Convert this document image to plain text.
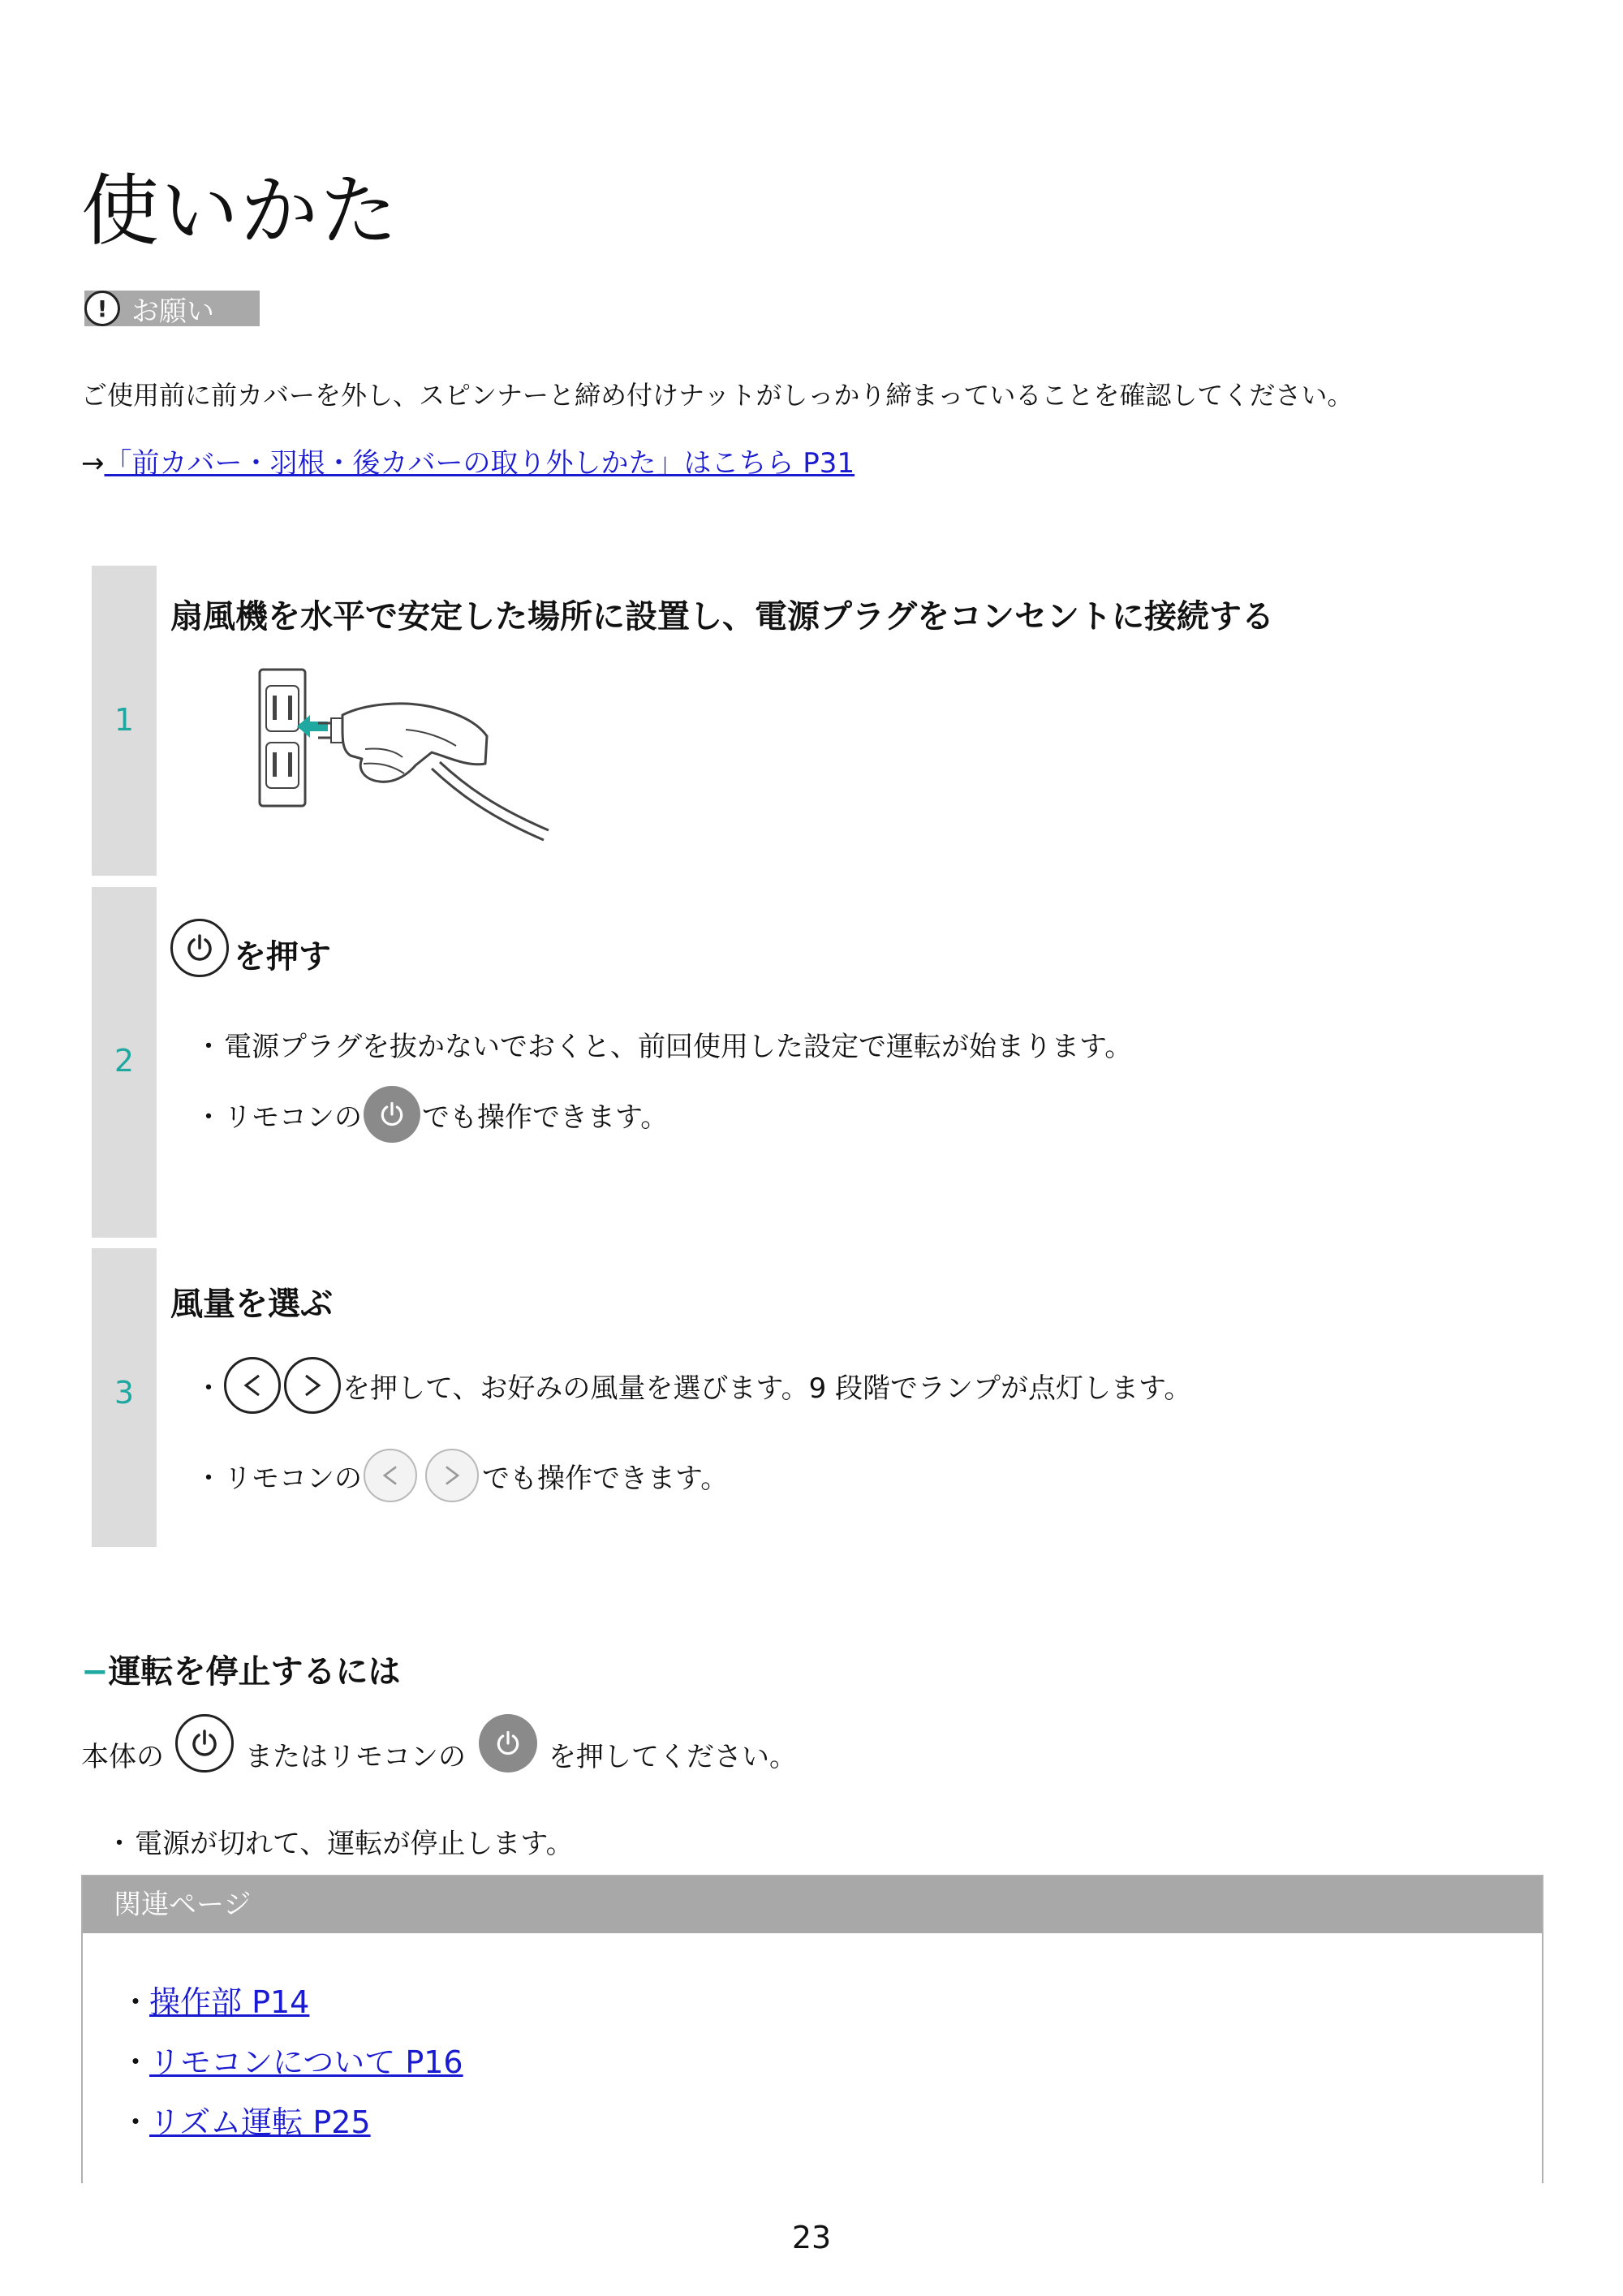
使いかた
! お願い
ご使用前に前カバーを外し、スピンナーと締め付けナットがしっかり締まっていることを確認してください。
→「前カバー・羽根・後カバーの取り外しかた」はこちら P31
1
扇風機を水平で安定した場所に設置し、電源プラグをコンセントに接続する
2
を押す
・ 電源プラグを抜かないでおくと、前回使用した設定で運転が始まります。
・ リモコンの でも操作できます。
3
風量を選ぶ
・	を押して、お好みの風量を選びます。9 段階でランプが点灯します。
・ リモコンの	でも操作できます。
−運転を停止するには
本体の	またはリモコンの	を押してください。
・ 電源が切れて、運転が停止します。
関連ページ
・
操作部 P14
・
リモコンについて P16
・
リズム運転 P25
23
